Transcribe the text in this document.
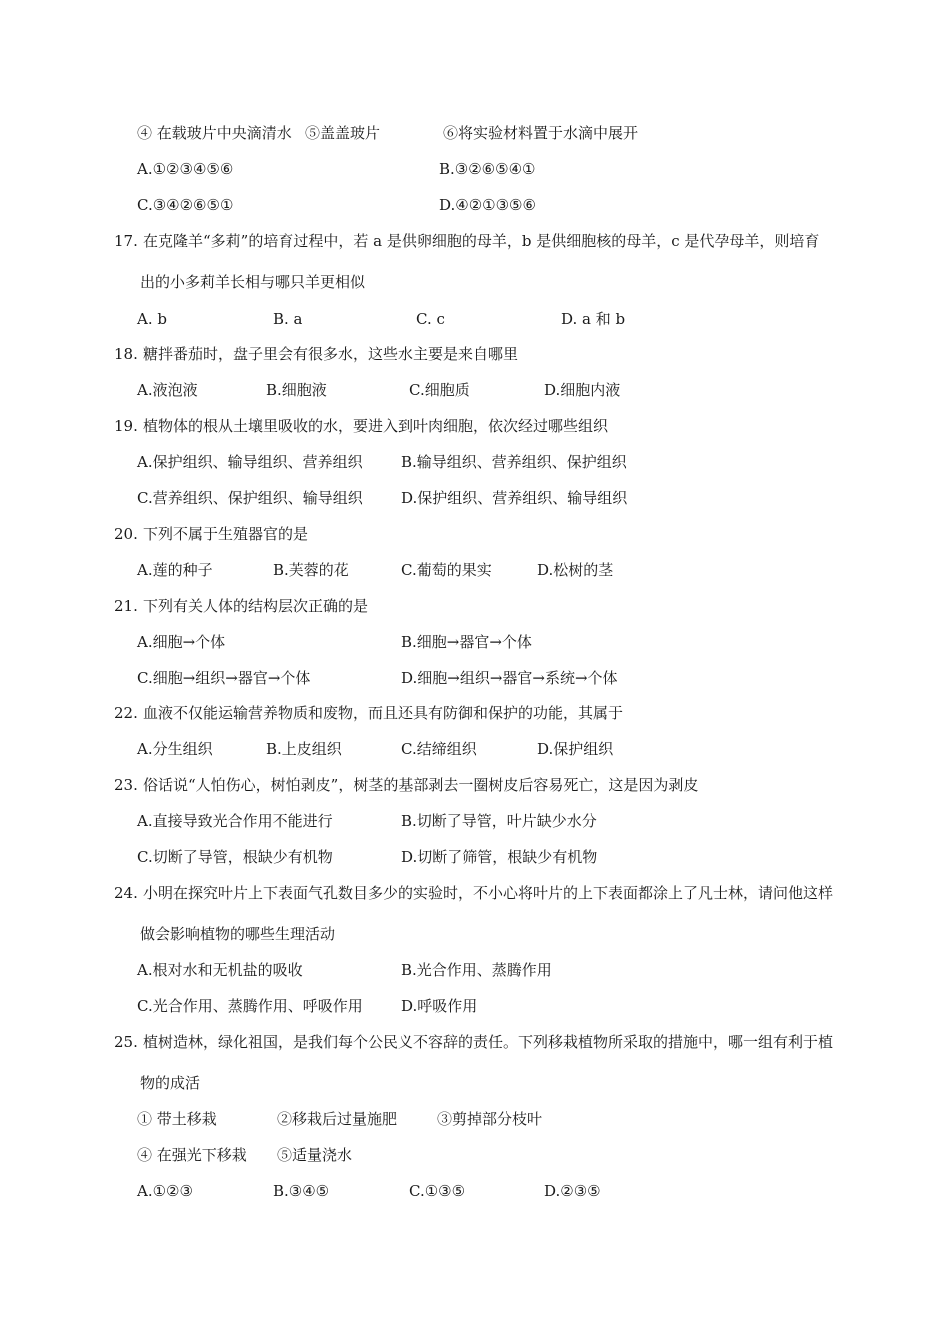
④ 在载玻片中央滴清水 ⑤盖盖玻片	⑥将实验材料置于水滴中展开
A.①②③④⑤⑥	B.③②⑥⑤④①
C.③④②⑥⑤①	D.④②①③⑤⑥
17. 在克隆羊“多莉”的培育过程中，若 a 是供卵细胞的母羊，b 是供细胞核的母羊，c 是代孕母羊，则培育
出的小多莉羊长相与哪只羊更相似
A. b	B. a	C. c	D. a 和 b
18. 糖拌番茄时，盘子里会有很多水，这些水主要是来自哪里
A.液泡液	B.细胞液	C.细胞质	D.细胞内液
19. 植物体的根从土壤里吸收的水，要进入到叶肉细胞，依次经过哪些组织
A.保护组织、输导组织、营养组织	B.输导组织、营养组织、保护组织
C.营养组织、保护组织、输导组织	D.保护组织、营养组织、输导组织
20. 下列不属于生殖器官的是
A.莲的种子	B.芙蓉的花	C.葡萄的果实	D.松树的茎
21. 下列有关人体的结构层次正确的是
A.细胞→个体	B.细胞→器官→个体
C.细胞→组织→器官→个体	D.细胞→组织→器官→系统→个体
22. 血液不仅能运输营养物质和废物，而且还具有防御和保护的功能，其属于
A.分生组织	B.上皮组织	C.结缔组织	D.保护组织
23. 俗话说“人怕伤心，树怕剥皮”，树茎的基部剥去一圈树皮后容易死亡，这是因为剥皮
A.直接导致光合作用不能进行	B.切断了导管，叶片缺少水分
C.切断了导管，根缺少有机物	D.切断了筛管，根缺少有机物
24. 小明在探究叶片上下表面气孔数目多少的实验时，不小心将叶片的上下表面都涂上了凡士林，请问他这样
做会影响植物的哪些生理活动
A.根对水和无机盐的吸收	B.光合作用、蒸腾作用
C.光合作用、蒸腾作用、呼吸作用	D.呼吸作用
25. 植树造林，绿化祖国，是我们每个公民义不容辞的责任。下列移栽植物所采取的措施中，哪一组有利于植
物的成活
① 带土移栽	②移栽后过量施肥	③剪掉部分枝叶
④ 在强光下移栽 ⑤适量浇水
A.①②③	B.③④⑤	C.①③⑤	D.②③⑤
